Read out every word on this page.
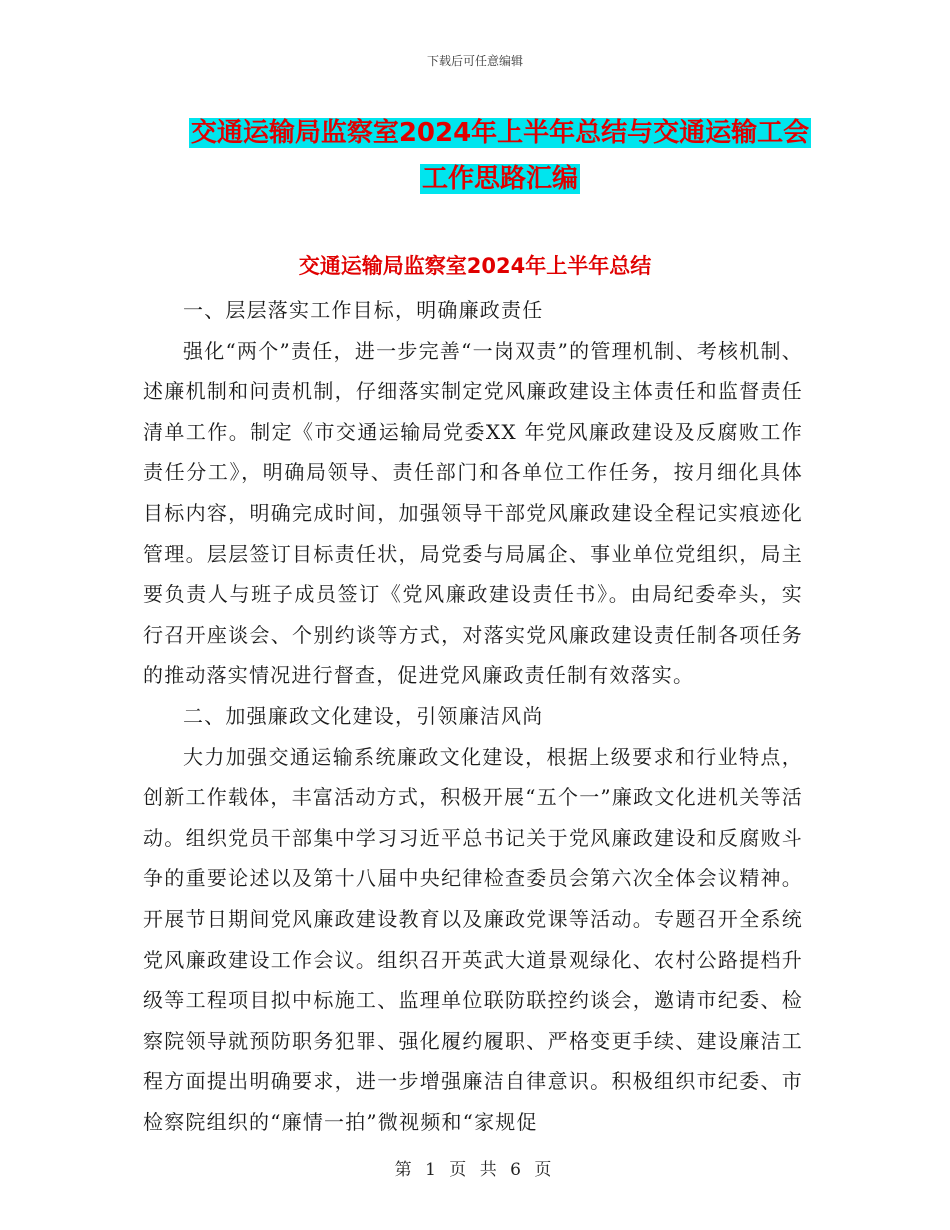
下载后可任意编辑
交通运输局监察室2024年上半年总结与交通运输工会
工作思路汇编
交通运输局监察室2024年上半年总结

一、层层落实工作目标，明确廉政责任

强化“两个”责任，进一步完善“一岗双责”的管理机制、考核机制、述廉机制和问责机制，仔细落实制定党风廉政建设主体责任和监督责任清单工作。制定《市交通运输局党委XX 年党风廉政建设及反腐败工作责任分工》，明确局领导、责任部门和各单位工作任务，按月细化具体目标内容，明确完成时间，加强领导干部党风廉政建设全程记实痕迹化管理。层层签订目标责任状，局党委与局属企、事业单位党组织，局主要负责人与班子成员签订《党风廉政建设责任书》。由局纪委牵头，实行召开座谈会、个别约谈等方式，对落实党风廉政建设责任制各项任务的推动落实情况进行督查，促进党风廉政责任制有效落实。

二、加强廉政文化建设，引领廉洁风尚

大力加强交通运输系统廉政文化建设，根据上级要求和行业特点，创新工作载体，丰富活动方式，积极开展“五个一”廉政文化进机关等活动。组织党员干部集中学习习近平总书记关于党风廉政建设和反腐败斗争的重要论述以及第十八届中央纪律检查委员会第六次全体会议精神。开展节日期间党风廉政建设教育以及廉政党课等活动。专题召开全系统党风廉政建设工作会议。组织召开英武大道景观绿化、农村公路提档升级等工程项目拟中标施工、监理单位联防联控约谈会，邀请市纪委、检察院领导就预防职务犯罪、强化履约履职、严格变更手续、建设廉洁工程方面提出明确要求，进一步增强廉洁自律意识。积极组织市纪委、市检察院组织的“廉情一拍”微视频和“家规促

第 1 页 共 6 页
